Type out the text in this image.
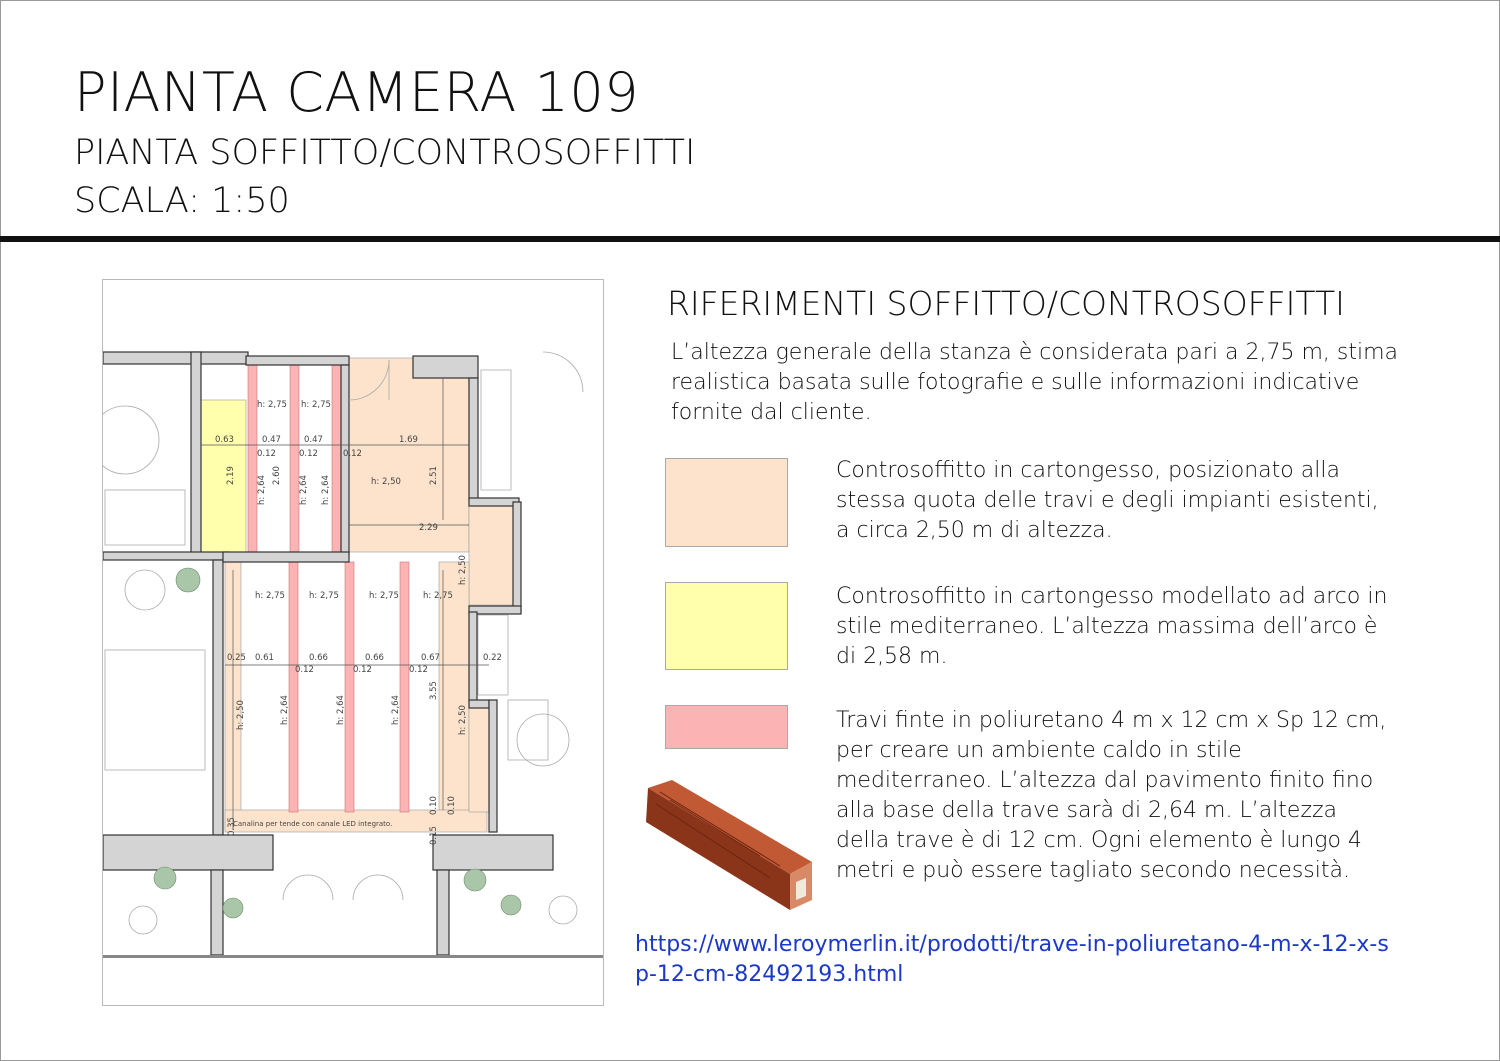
PIANTA CAMERA 109
PIANTA SOFFITTO/CONTROSOFFITTI
SCALA: 1:50
h: 2,75 h: 2,75
0.63	0.47	0.47	1.69
0.12	0.12	0.12
h: 2,50
2.29
h: 2,75	h: 2,75	h: 2,75	h: 2,75
0.25 0.61	0.66	0.66	0.67	0.22
0.12	0.12	0.12
Canalina per tende con canale LED integrato.
2.19	2.60
h: 2,64	h: 2,64 h: 2,64	2.51
h: 2,50
h: 2,50	h: 2,64	h: 2,64	h: 2,64
3.55
h: 2,50
0.10 0.10
0.35	0.15
RIFERIMENTI SOFFITTO/CONTROSOFFITTI
L’altezza generale della stanza è considerata pari a 2,75 m, stima realistica basata sulle fotografie e sulle informazioni indicative fornite dal cliente.
Controsoffitto in cartongesso, posizionato alla stessa quota delle travi e degli impianti esistenti, a circa 2,50 m di altezza.
Controsoffitto in cartongesso modellato ad arco in stile mediterraneo. L’altezza massima dell’arco è di 2,58 m.
Travi finte in poliuretano 4 m x 12 cm x Sp 12 cm, per creare un ambiente caldo in stile mediterraneo. L’altezza dal pavimento finito fino alla base della trave sarà di 2,64 m. L’altezza della trave è di 12 cm. Ogni elemento è lungo 4 metri e può essere tagliato secondo necessità.
https://www.leroymerlin.it/prodotti/trave-in-poliuretano-4-m-x-12-x-sp-12-cm-82492193.html
